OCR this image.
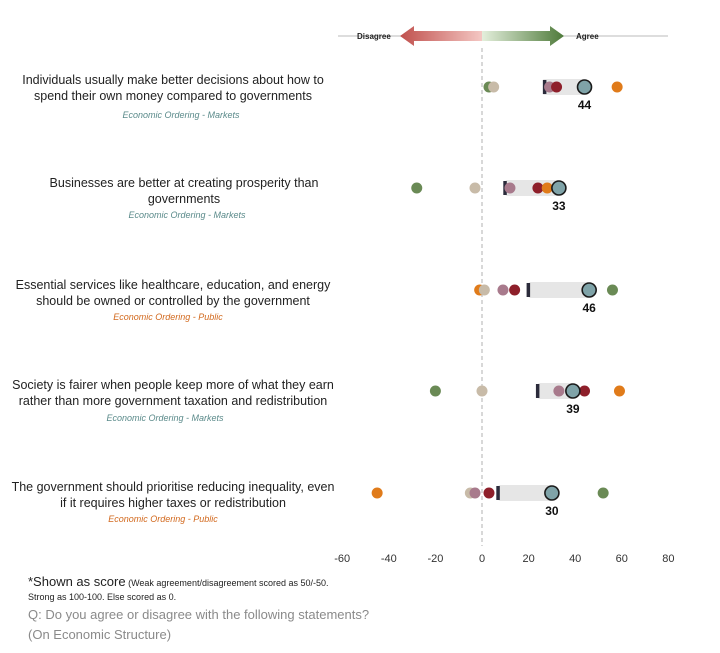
Disagree	Agree
44
33
46
39
30
-60	-40	-20	0	20	40	60	80
Individuals usually make better decisions about how to spend their own money compared to governments
Economic Ordering - Markets
Businesses are better at creating prosperity than governments
Economic Ordering - Markets
Essential services like healthcare, education, and energy should be owned or controlled by the government
Economic Ordering - Public
Society is fairer when people keep more of what they earn rather than more government taxation and redistribution
Economic Ordering - Markets
The government should prioritise reducing inequality, even if it requires higher taxes or redistribution
Economic Ordering - Public
*Shown as score (Weak agreement/disagreement scored as 50/-50.
Strong as 100-100. Else scored as 0.
Q: Do you agree or disagree with the following statements?
(On Economic Structure)
